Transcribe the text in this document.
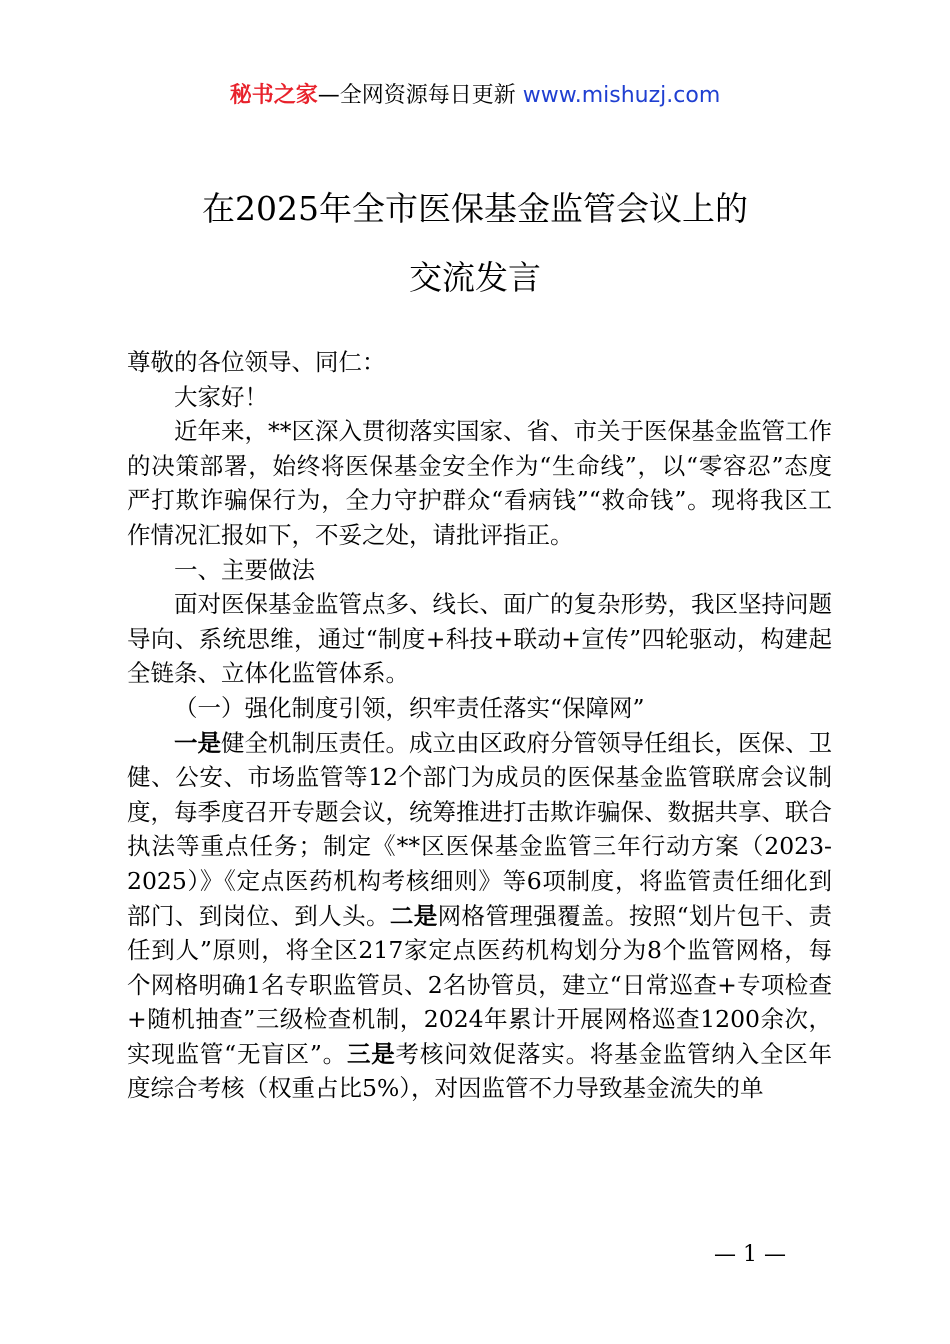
秘书之家—全网资源每日更新 www.mishuzj.com
在2025年全市医保基金监管会议上的
交流发言

尊敬的各位领导、同仁：

大家好！

近年来，**区深入贯彻落实国家、省、市关于医保基金监管工作的决策部署，始终将医保基金安全作为“生命线”，以“零容忍”态度严打欺诈骗保行为，全力守护群众“看病钱”“救命钱”。现将我区工作情况汇报如下，不妥之处，请批评指正。

一、主要做法

面对医保基金监管点多、线长、面广的复杂形势，我区坚持问题导向、系统思维，通过“制度+科技+联动+宣传”四轮驱动，构建起全链条、立体化监管体系。

（一）强化制度引领，织牢责任落实“保障网”

一是健全机制压责任。成立由区政府分管领导任组长，医保、卫健、公安、市场监管等12个部门为成员的医保基金监管联席会议制度，每季度召开专题会议，统筹推进打击欺诈骗保、数据共享、联合执法等重点任务；制定《**区医保基金监管三年行动方案（2023-2025）》《定点医药机构考核细则》等6项制度，将监管责任细化到部门、到岗位、到人头。二是网格管理强覆盖。按照“划片包干、责任到人”原则，将全区217家定点医药机构划分为8个监管网格，每个网格明确1名专职监管员、2名协管员，建立“日常巡查+专项检查+随机抽查”三级检查机制，2024年累计开展网格巡查1200余次，实现监管“无盲区”。三是考核问效促落实。将基金监管纳入全区年度综合考核（权重占比5%），对因监管不力导致基金流失的单

— 1 —
